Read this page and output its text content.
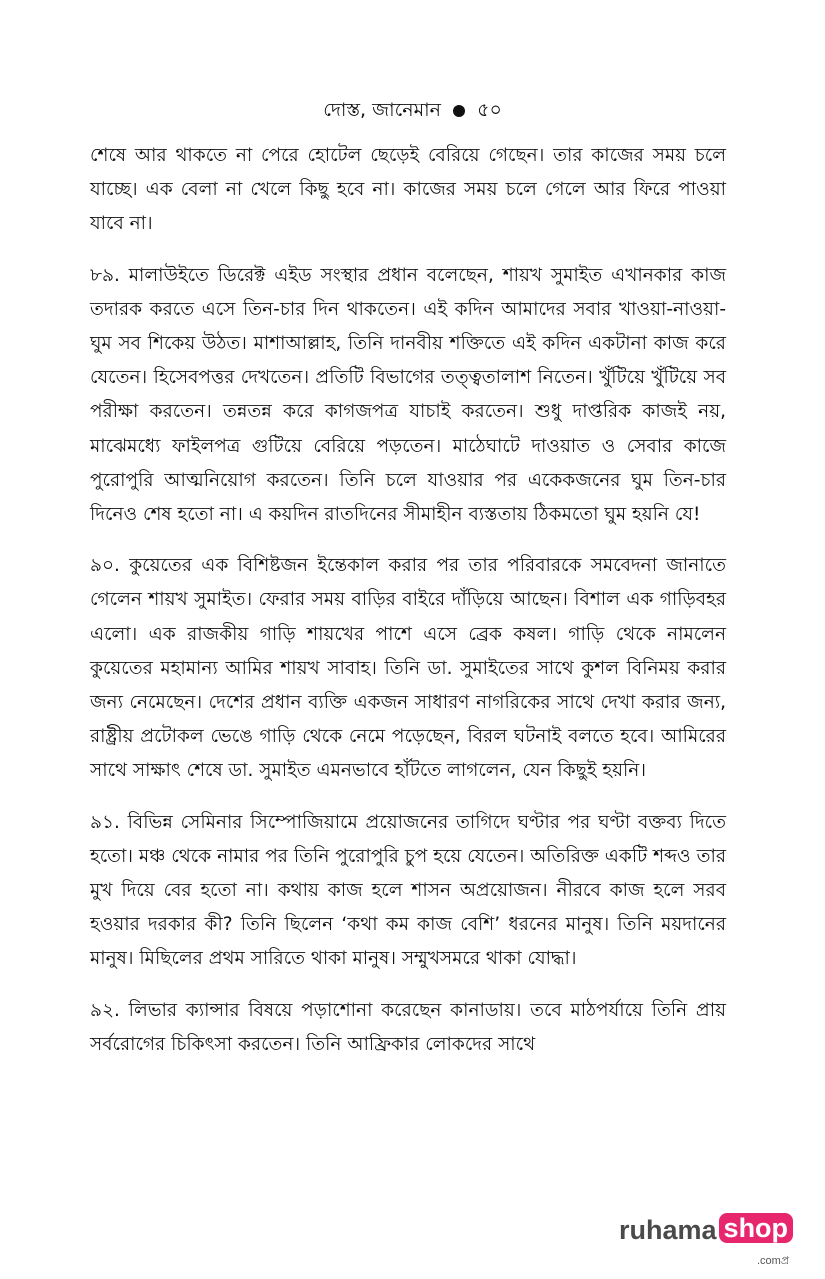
দোস্ত, জানেমান ৫০

শেষে আর থাকতে না পেরে হোটেল ছেড়েই বেরিয়ে গেছেন। তার কাজের সময় চলে যাচ্ছে। এক বেলা না খেলে কিছু হবে না। কাজের সময় চলে গেলে আর ফিরে পাওয়া যাবে না।

৮৯. মালাউইতে ডিরেক্ট এইড সংস্থার প্রধান বলেছেন, শায়খ সুমাইত এখানকার কাজ তদারক করতে এসে তিন-চার দিন থাকতেন। এই কদিন আমাদের সবার খাওয়া-নাওয়া-ঘুম সব শিকেয় উঠত। মাশাআল্লাহ, তিনি দানবীয় শক্তিতে এই কদিন একটানা কাজ করে যেতেন। হিসেবপত্তর দেখতেন। প্রতিটি বিভাগের তত্ত্বতালাশ নিতেন। খুঁটিয়ে খুঁটিয়ে সব পরীক্ষা করতেন। তন্নতন্ন করে কাগজপত্র যাচাই করতেন। শুধু দাপ্তরিক কাজই নয়, মাঝেমধ্যে ফাইলপত্র গুটিয়ে বেরিয়ে পড়তেন। মাঠেঘাটে দাওয়াত ও সেবার কাজে পুরোপুরি আত্মনিয়োগ করতেন। তিনি চলে যাওয়ার পর একেকজনের ঘুম তিন-চার দিনেও শেষ হতো না। এ কয়দিন রাতদিনের সীমাহীন ব্যস্ততায় ঠিকমতো ঘুম হয়নি যে!

৯০. কুয়েতের এক বিশিষ্টজন ইন্তেকাল করার পর তার পরিবারকে সমবেদনা জানাতে গেলেন শায়খ সুমাইত। ফেরার সময় বাড়ির বাইরে দাঁড়িয়ে আছেন। বিশাল এক গাড়িবহর এলো। এক রাজকীয় গাড়ি শায়খের পাশে এসে ব্রেক কষল। গাড়ি থেকে নামলেন কুয়েতের মহামান্য আমির শায়খ সাবাহ। তিনি ডা. সুমাইতের সাথে কুশল বিনিময় করার জন্য নেমেছেন। দেশের প্রধান ব্যক্তি একজন সাধারণ নাগরিকের সাথে দেখা করার জন্য, রাষ্ট্রীয় প্রটোকল ভেঙে গাড়ি থেকে নেমে পড়েছেন, বিরল ঘটনাই বলতে হবে। আমিরের সাথে সাক্ষাৎ শেষে ডা. সুমাইত এমনভাবে হাঁটতে লাগলেন, যেন কিছুই হয়নি।

৯১. বিভিন্ন সেমিনার সিম্পোজিয়ামে প্রয়োজনের তাগিদে ঘণ্টার পর ঘণ্টা বক্তব্য দিতে হতো। মঞ্চ থেকে নামার পর তিনি পুরোপুরি চুপ হয়ে যেতেন। অতিরিক্ত একটি শব্দও তার মুখ দিয়ে বের হতো না। কথায় কাজ হলে শাসন অপ্রয়োজন। নীরবে কাজ হলে সরব হওয়ার দরকার কী? তিনি ছিলেন ‘কথা কম কাজ বেশি’ ধরনের মানুষ। তিনি ময়দানের মানুষ। মিছিলের প্রথম সারিতে থাকা মানুষ। সম্মুখসমরে থাকা যোদ্ধা।

৯২. লিভার ক্যান্সার বিষয়ে পড়াশোনা করেছেন কানাডায়। তবে মাঠপর্যায়ে তিনি প্রায় সর্বরোগের চিকিৎসা করতেন। তিনি আফ্রিকার লোকদের সাথে

ruhama shop
.comপ্র
